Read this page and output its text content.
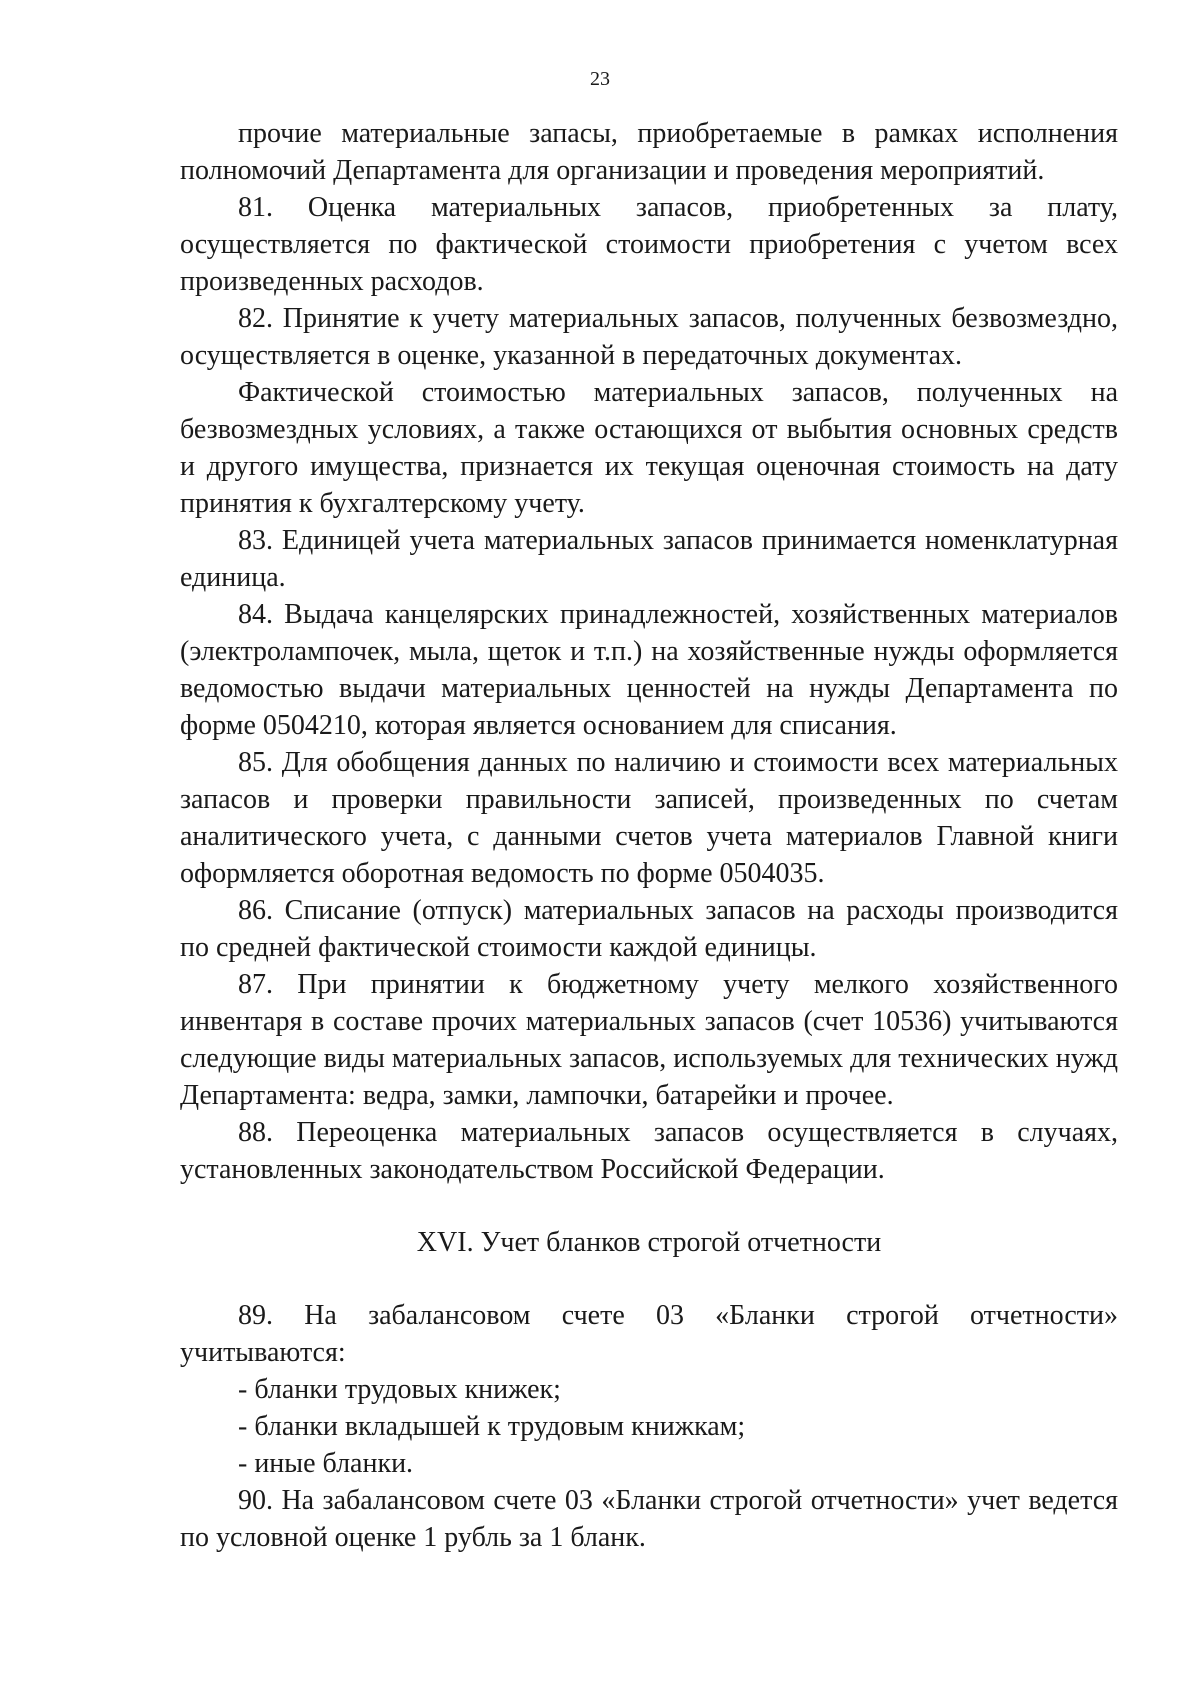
23

прочие материальные запасы, приобретаемые в рамках исполнения полномочий Департамента для организации и проведения мероприятий.

81. Оценка материальных запасов, приобретенных за плату, осуществляется по фактической стоимости приобретения с учетом всех произведенных расходов.

82. Принятие к учету материальных запасов, полученных безвозмездно, осуществляется в оценке, указанной в передаточных документах.

Фактической стоимостью материальных запасов, полученных на безвозмездных условиях, а также остающихся от выбытия основных средств и другого имущества, признается их текущая оценочная стоимость на дату принятия к бухгалтерскому учету.

83. Единицей учета материальных запасов принимается номенклатурная единица.

84. Выдача канцелярских принадлежностей, хозяйственных материалов (электролампочек, мыла, щеток и т.п.) на хозяйственные нужды оформляется ведомостью выдачи материальных ценностей на нужды Департамента по форме 0504210, которая является основанием для списания.

85. Для обобщения данных по наличию и стоимости всех материальных запасов и проверки правильности записей, произведенных по счетам аналитического учета, с данными счетов учета материалов Главной книги оформляется оборотная ведомость по форме 0504035.

86. Списание (отпуск) материальных запасов на расходы производится по средней фактической стоимости каждой единицы.

87. При принятии к бюджетному учету мелкого хозяйственного инвентаря в составе прочих материальных запасов (счет 10536) учитываются следующие виды материальных запасов, используемых для технических нужд Департамента: ведра, замки, лампочки, батарейки и прочее.

88. Переоценка материальных запасов осуществляется в случаях, установленных законодательством Российской Федерации.

XVI. Учет бланков строгой отчетности

89. На забалансовом счете 03 «Бланки строгой отчетности» учитываются:

- бланки трудовых книжек;

- бланки вкладышей к трудовым книжкам;

- иные бланки.

90. На забалансовом счете 03 «Бланки строгой отчетности» учет ведется по условной оценке 1 рубль за 1 бланк.
